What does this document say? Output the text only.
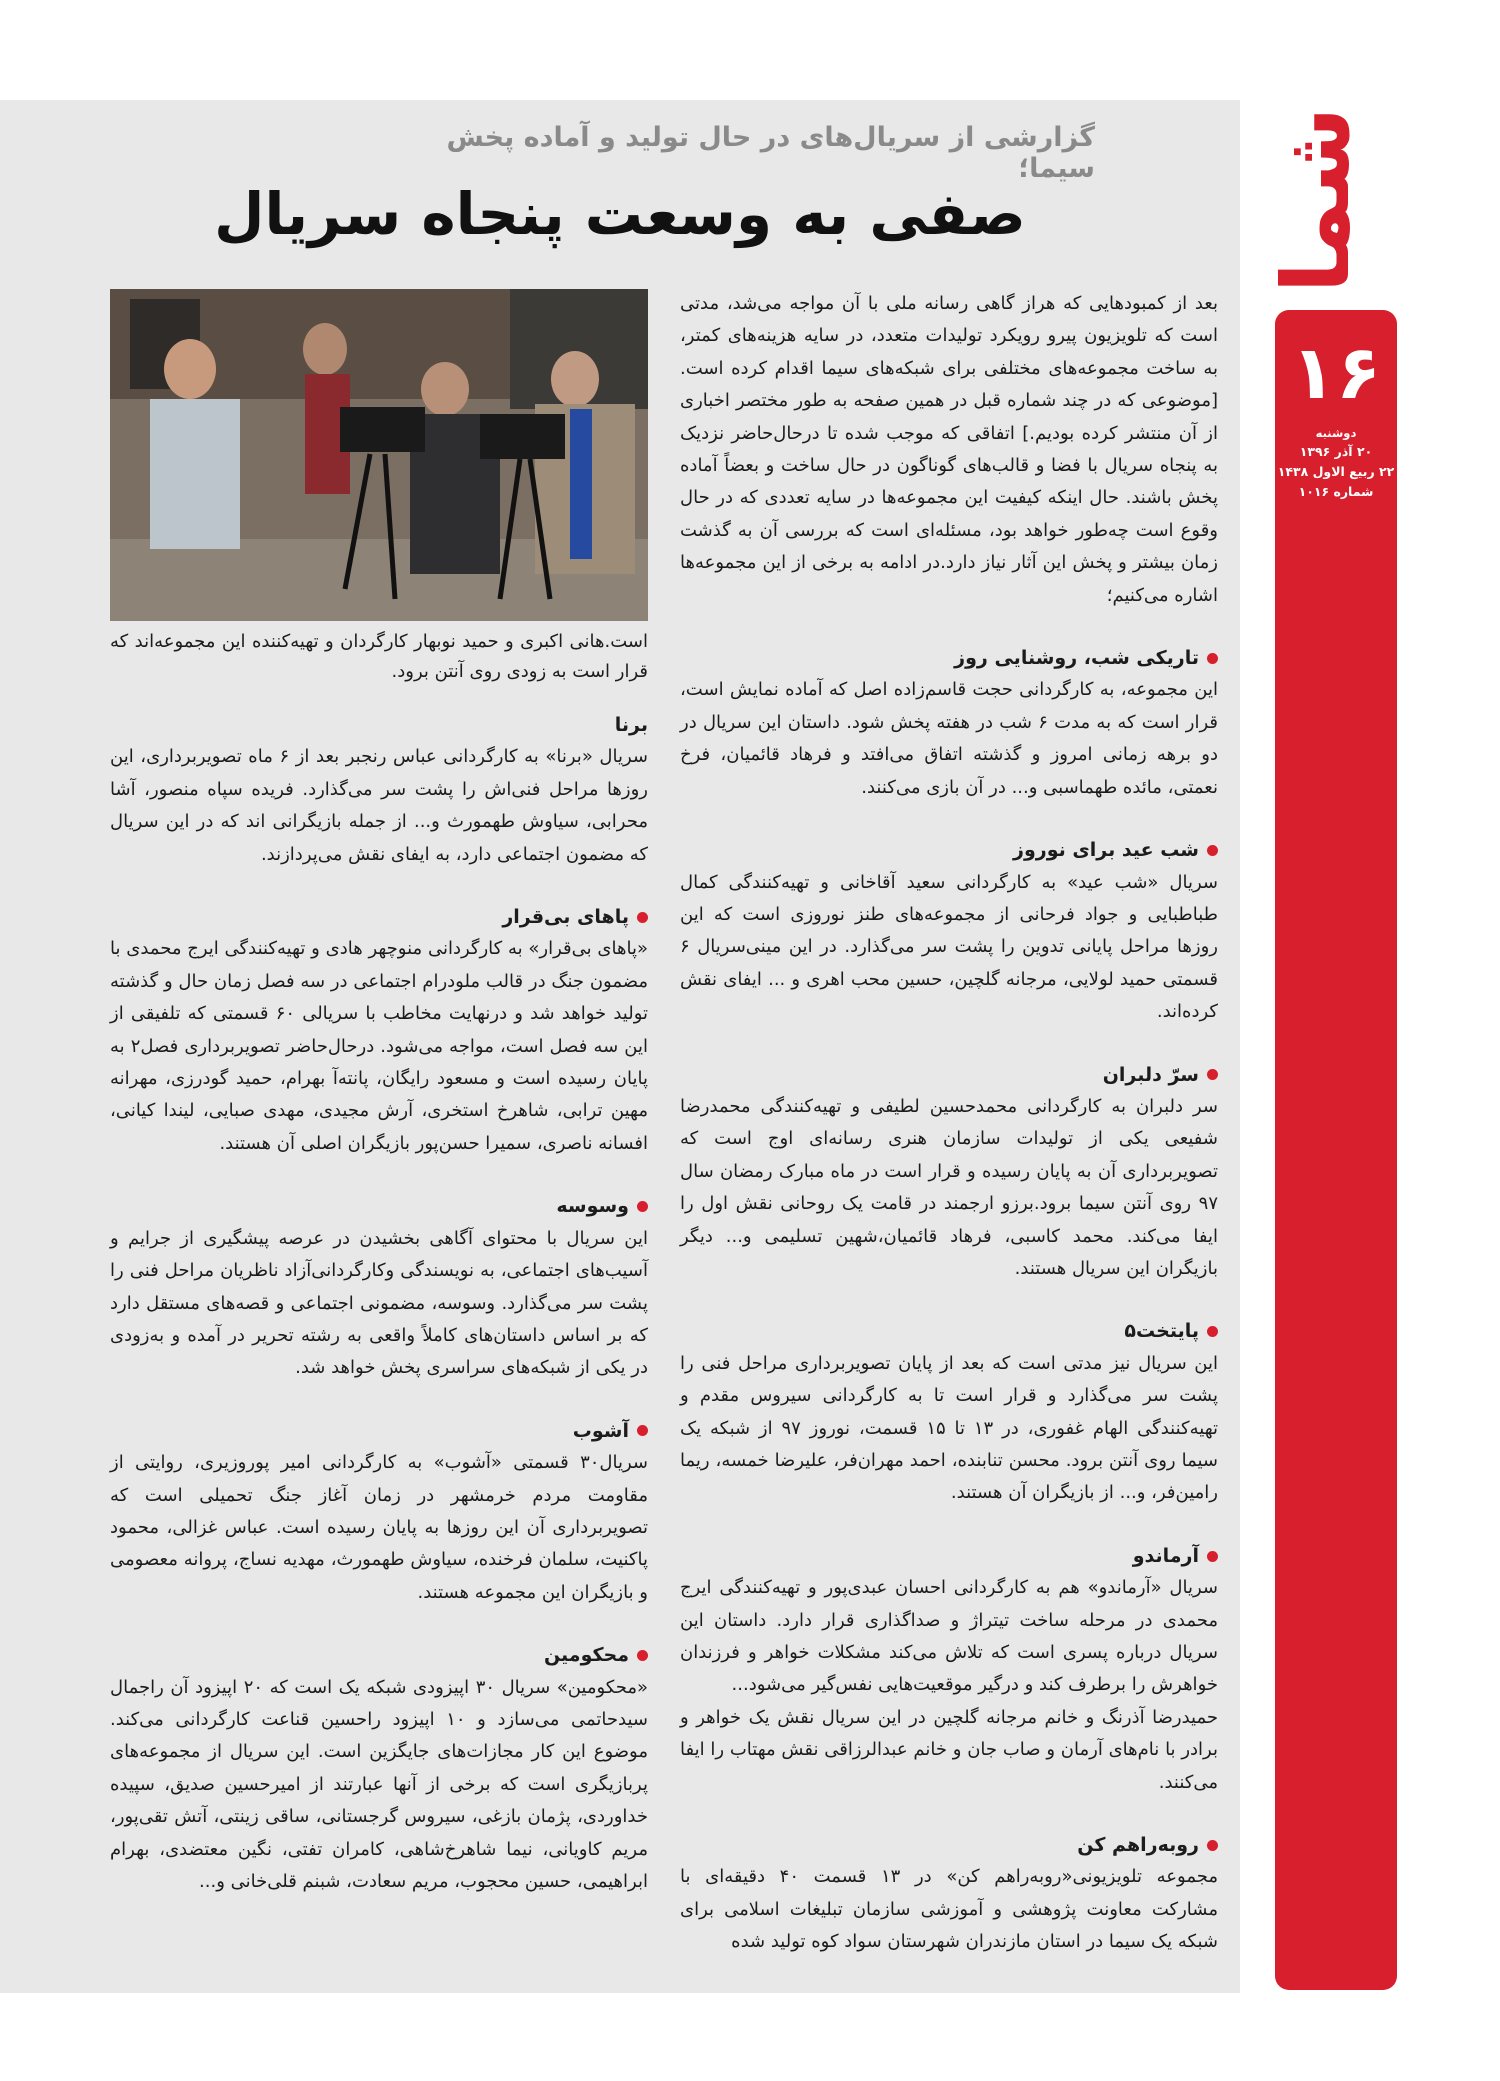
شما
۱۶
دوشنبه
۲۰ آذر ۱۳۹۶
۲۲ ربیع الاول ۱۴۳۸
شماره ۱۰۱۶
گزارشی از سریال‌های در حال تولید و آماده پخش سیما؛
صفی به وسعت پنجاه سریال
است.هانی اکبری و حمید نوبهار کارگردان و تهیه‌کننده این مجموعه‌اند که قرار است به زودی روی آنتن برود.

بعد از کمبودهایی که هراز گاهی رسانه ملی با آن مواجه می‌شد، مدتی است که تلویزیون پیرو رویکرد تولیدات متعدد، در سایه هزینه‌های کمتر، به ساخت مجموعه‌های مختلفی برای شبکه‌های سیما اقدام کرده است. [موضوعی که در چند شماره قبل در همین صفحه به طور مختصر اخباری از آن منتشر کرده بودیم.] اتفاقی که موجب شده تا درحال‌حاضر نزدیک به پنجاه سریال با فضا و قالب‌های گوناگون در حال ساخت و بعضاً آماده پخش باشند. حال اینکه کیفیت این مجموعه‌ها در سایه تعددی که در حال وقوع است چه‌طور خواهد بود، مسئله‌ای است که بررسی آن به گذشت زمان بیشتر و پخش این آثار نیاز دارد.در ادامه به برخی از این مجموعه‌ها اشاره می‌کنیم؛

تاریکی شب، روشنایی روز

این مجموعه، به کارگردانی حجت قاسم‌زاده اصل که آماده نمایش است، قرار است که به مدت ۶ شب در هفته پخش شود. داستان این سریال در دو برهه زمانی امروز و گذشته اتفاق می‌افتد و فرهاد قائمیان، فرخ نعمتی، مائده طهماسبی و... در آن بازی می‌کنند.

شب عید برای نوروز

سریال «شب عید» به کارگردانی سعید آقاخانی و تهیه‌کنندگی کمال طباطبایی و جواد فرحانی از مجموعه‌های طنز نوروزی است که این روزها مراحل پایانی تدوین را پشت سر می‌گذارد. در این مینی‌سریال ۶ قسمتی حمید لولایی، مرجانه گلچین، حسین محب اهری و ... ایفای نقش کرده‌اند.

سرّ دلبران

سر دلبران به کارگردانی محمدحسین لطیفی و تهیه‌کنندگی محمدرضا شفیعی یکی از تولیدات سازمان هنری رسانه‌ای اوج است که تصویربرداری آن به پایان رسیده و قرار است در ماه مبارک رمضان سال ۹۷ روی آنتن سیما برود.برزو ارجمند در قامت یک روحانی نقش اول را ایفا می‌کند. محمد کاسبی، فرهاد قائمیان،شهین تسلیمی و... دیگر بازیگران این سریال هستند.

پایتخت۵

این سریال نیز مدتی است که بعد از پایان تصویربرداری مراحل فنی را پشت سر می‌گذارد و قرار است تا به کارگردانی سیروس مقدم و تهیه‌کنندگی الهام غفوری، در ۱۳ تا ۱۵ قسمت، نوروز ۹۷ از شبکه یک سیما روی آنتن برود. محسن تنابنده، احمد مهران‌فر، علیرضا خمسه، ریما رامین‌فر، و... از بازیگران آن هستند.

آرماندو

سریال «آرماندو» هم به کارگردانی احسان عبدی‌پور و تهیه‌کنندگی ایرج محمدی در مرحله ساخت تیتراژ و صداگذاری قرار دارد. داستان این سریال درباره پسری است که تلاش می‌کند مشکلات خواهر و فرزندان خواهرش را برطرف کند و درگیر موقعیت‌هایی نفس‌گیر می‌شود...

حمیدرضا آذرنگ و خانم مرجانه گلچین در این سریال نقش یک خواهر و برادر با نام‌های آرمان و صاب جان و خانم عبدالرزاقی نقش مهتاب را ایفا می‌کنند.

روبه‌راهم کن

مجموعه تلویزیونی«روبه‌راهم کن» در ۱۳ قسمت ۴۰ دقیقه‌ای با مشارکت معاونت پژوهشی و آموزشی سازمان تبلیغات اسلامی برای شبکه یک سیما در استان مازندران شهرستان سواد کوه تولید شده

برنا

سریال «برنا» به کارگردانی عباس رنجبر بعد از ۶ ماه تصویربرداری، این روزها مراحل فنی‌اش را پشت سر می‌گذارد. فریده سپاه منصور، آشا محرابی، سیاوش طهمورث و... از جمله بازیگرانی اند که در این سریال که مضمون اجتماعی دارد، به ایفای نقش می‌پردازند.

پاهای بی‌قرار

«پاهای بی‌قرار» به کارگردانی منوچهر هادی و تهیه‌کنندگی ایرج محمدی با مضمون جنگ در قالب ملودرام اجتماعی در سه فصل زمان حال و گذشته تولید خواهد شد و درنهایت مخاطب با سریالی ۶۰ قسمتی که تلفیقی از این سه فصل است، مواجه می‌شود. درحال‌حاضر تصویربرداری فصل۲ به پایان رسیده است و مسعود رایگان، پانته‌آ بهرام، حمید گودرزی، مهرانه مهین ترابی، شاهرخ استخری، آرش مجیدی، مهدی صبایی، لیندا کیانی، افسانه ناصری، سمیرا حسن‌پور بازیگران اصلی آن هستند.

وسوسه

این سریال با محتوای آگاهی بخشیدن در عرصه پیشگیری از جرایم و آسیب‌های اجتماعی، به نویسندگی وکارگردانی‌آزاد ناظریان مراحل فنی را پشت سر می‌گذارد. وسوسه، مضمونی اجتماعی و قصه‌های مستقل دارد که بر اساس داستان‌های کاملاً واقعی به رشته تحریر در آمده و به‌زودی در یکی از شبکه‌های سراسری پخش خواهد شد.

آشوب

سریال۳۰ قسمتی «آشوب» به کارگردانی امیر پوروزیری، روایتی از مقاومت مردم خرمشهر در زمان آغاز جنگ تحمیلی است که تصویربرداری آن این روزها به پایان رسیده است. عباس غزالی، محمود پاکنیت، سلمان فرخنده، سیاوش طهمورث، مهدیه نساج، پروانه معصومی و بازیگران این مجموعه هستند.

محکومین

«محکومین» سریال ۳۰ اپیزودی شبکه یک است که ۲۰ اپیزود آن راجمال سیدحاتمی می‌سازد و ۱۰ اپیزود راحسین قناعت کارگردانی می‌کند. موضوع این کار مجازات‌های جایگزین است. این سریال از مجموعه‌های پربازیگری است که برخی از آنها عبارتند از امیرحسین صدیق، سپیده خداوردی، پژمان بازغی، سیروس گرجستانی، ساقی زینتی، آتش تقی‌پور، مریم کاویانی، نیما شاهرخ‌شاهی، کامران تفتی، نگین معتضدی، بهرام ابراهیمی، حسین محجوب، مریم سعادت، شبنم قلی‌خانی و...
